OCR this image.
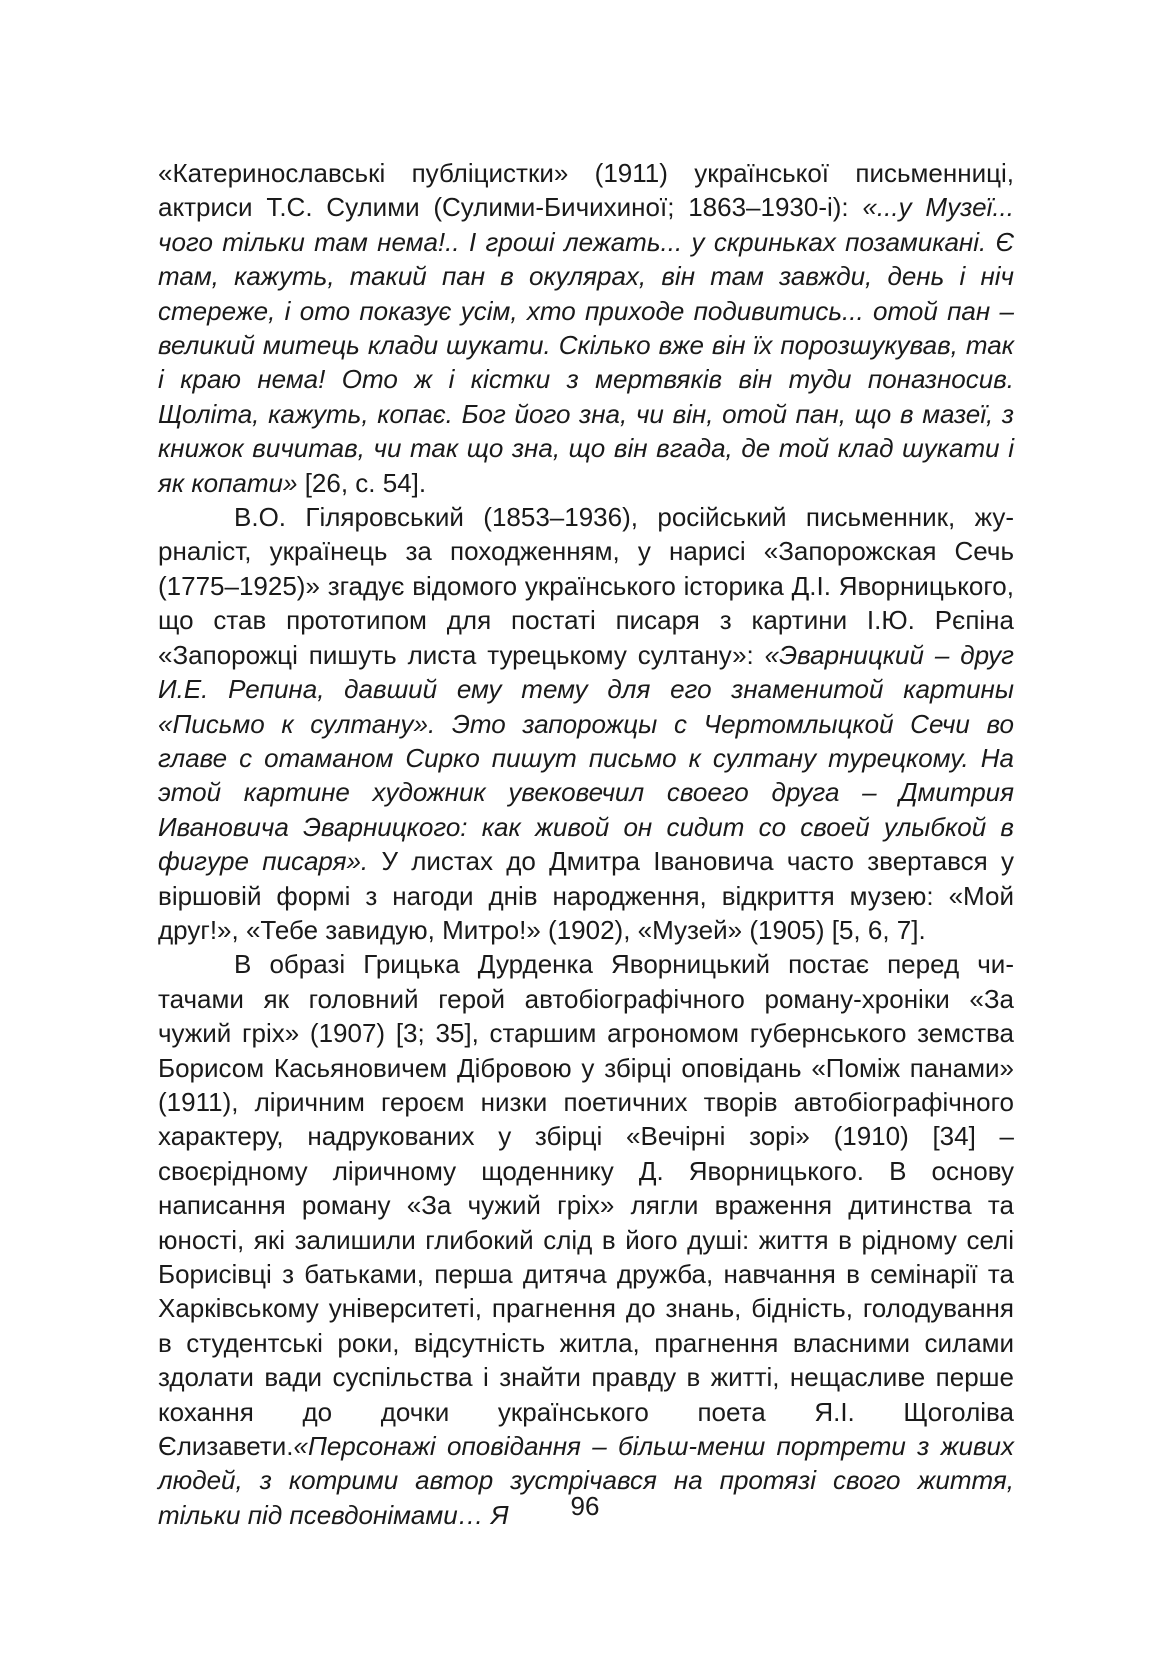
«Катеринославські публіцистки» (1911) української письменниці, актриси Т.С. Сулими (Сулими-Бичихиної; 1863–1930-і): «...у Музеї... чого тільки там нема!.. І гроші лежать... у скриньках позамикані. Є там, кажуть, такий пан в окулярах, він там завжди, день і ніч стереже, і ото показує усім, хто приходе подивитись... отой пан – великий митець клади шукати. Скілько вже він їх порозшукував, так і краю нема! Ото ж і кістки з мертвяків він туди поназносив. Щоліта, кажуть, копає. Бог його зна, чи він, отой пан, що в мазеї, з книжок вичитав, чи так що зна, що він вгада, де той клад шукати і як копати» [26, с. 54].

В.О. Гіляровський (1853–1936), російський письменник, журналіст, українець за походженням, у нарисі «Запорожская Сечь (1775–1925)» згадує відомого українського історика Д.І. Яворницького, що став прототипом для постаті писаря з картини І.Ю. Рєпіна «Запорожці пишуть листа турецькому султану»: «Эварницкий – друг И.Е. Репина, давший ему тему для его знаменитой картины «Письмо к султану». Это запорожцы с Чертомлыцкой Сечи во главе с отаманом Сирко пишут письмо к султану турецкому. На этой картине художник увековечил своего друга – Дмитрия Ивановича Эварницкого: как живой он сидит со своей улыбкой в фигуре писаря». У листах до Дмитра Івановича часто звертався у віршовій формі з нагоди днів народження, відкриття музею: «Мой друг!», «Тебе завидую, Митро!» (1902), «Музей» (1905) [5, 6, 7].

В образі Грицька Дурденка Яворницький постає перед читачами як головний герой автобіографічного роману-хроніки «За чужий гріх» (1907) [3; 35], старшим агрономом губернського земства Борисом Касьяновичем Дібровою у збірці оповідань «Поміж панами» (1911), ліричним героєм низки поетичних творів автобіографічного характеру, надрукованих у збірці «Вечірні зорі» (1910) [34] – своєрідному ліричному щоденнику Д. Яворницького. В основу написання роману «За чужий гріх» лягли враження дитинства та юності, які залишили глибокий слід в його душі: життя в рідному селі Борисівці з батьками, перша дитяча дружба, навчання в семінарії та Харківському університеті, прагнення до знань, бідність, голодування в студентські роки, відсутність житла, прагнення власними силами здолати вади суспільства і знайти правду в житті, нещасливе перше кохання до дочки українського поета Я.І. Щоголіва Єлизавети.«Персонажі оповідання – більш-менш портрети з живих людей, з котрими автор зустрічався на протязі свого життя, тільки під псевдонімами… Я	96
